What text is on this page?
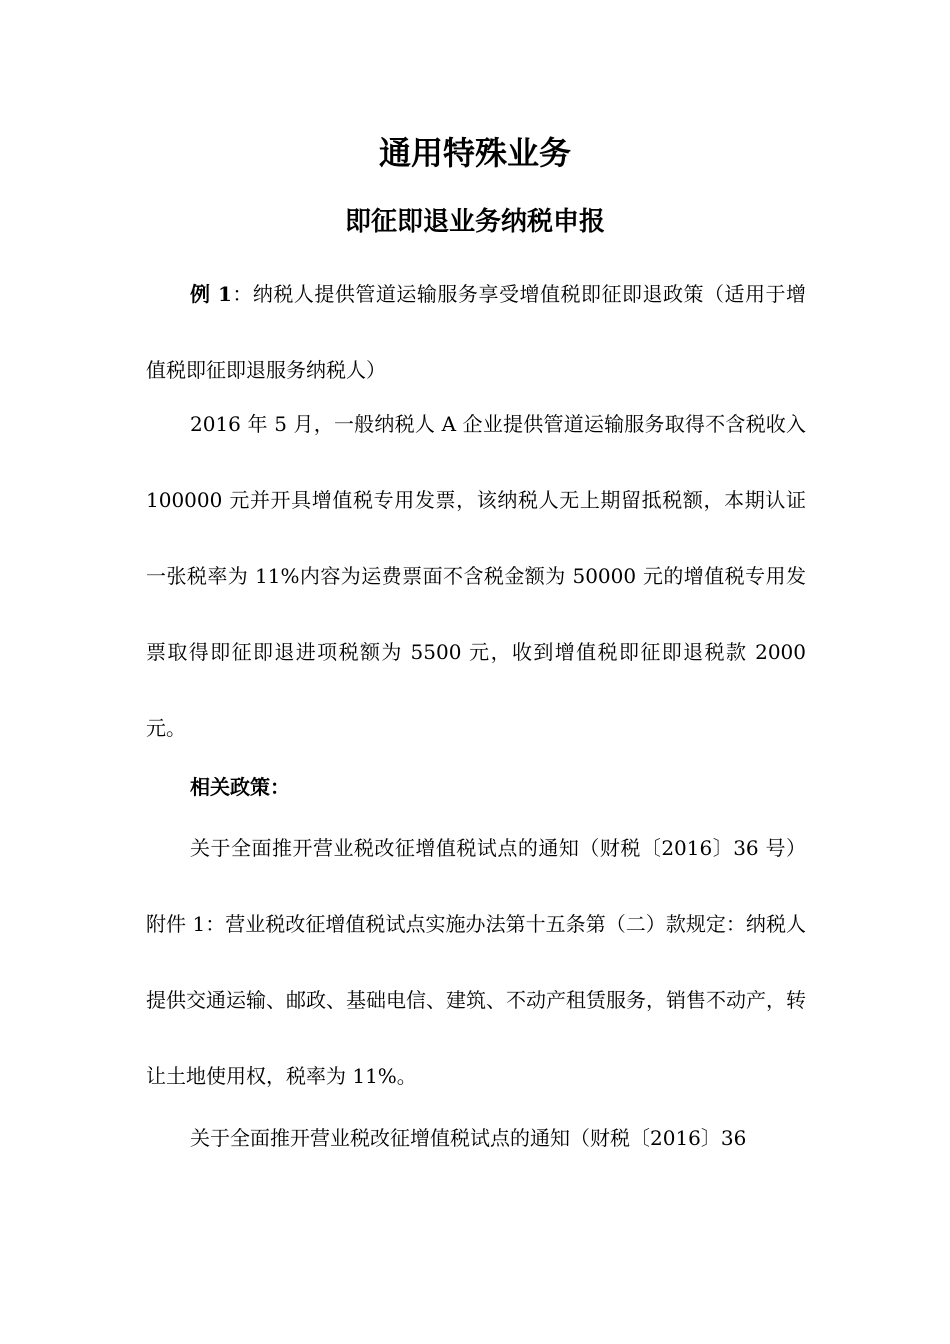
通用特殊业务
即征即退业务纳税申报

例 1：纳税人提供管道运输服务享受增值税即征即退政策（适用于增值税即征即退服务纳税人）

2016 年 5 月，一般纳税人 A 企业提供管道运输服务取得不含税收入 100000 元并开具增值税专用发票，该纳税人无上期留抵税额，本期认证一张税率为 11%内容为运费票面不含税金额为 50000 元的增值税专用发票取得即征即退进项税额为 5500 元，收到增值税即征即退税款 2000 元。

相关政策：

关于全面推开营业税改征增值税试点的通知（财税〔2016〕36 号）附件 1：营业税改征增值税试点实施办法第十五条第（二）款规定：纳税人提供交通运输、邮政、基础电信、建筑、不动产租赁服务，销售不动产，转让土地使用权，税率为 11%。

关于全面推开营业税改征增值税试点的通知（财税〔2016〕36
